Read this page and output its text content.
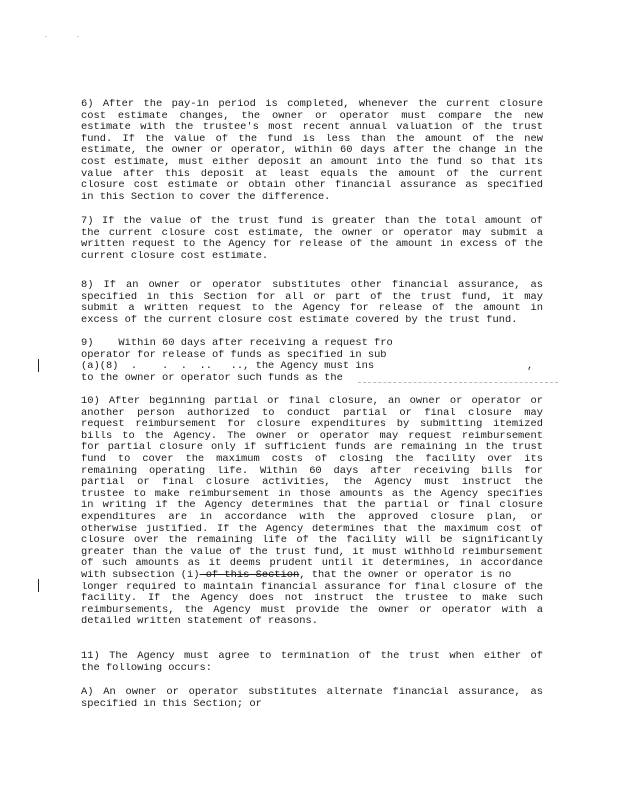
.	.
6) After the pay-in period is completed, whenever the current closure
cost estimate changes, the owner or operator must compare the new
estimate with the trustee's most recent annual valuation of the trust
fund. If the value of the fund is less than the amount of the new
estimate, the owner or operator, within 60 days after the change in the
cost estimate, must either deposit an amount into the fund so that its
value after this deposit at least equals the amount of the current
closure cost estimate or obtain other financial assurance as specified
in this Section to cover the difference.
7) If the value of the trust fund is greater than the total amount of
the current closure cost estimate, the owner or operator may submit a
written request to the Agency for release of the amount in excess of the
current closure cost estimate.
8) If an owner or operator substitutes other financial assurance, as
specified in this Section for all or part of the trust fund, it may
submit a written request to the Agency for release of the amount in
excess of the current closure cost estimate covered by the trust fund.
9)    Within 60 days after receiving a request fro
operator for release of funds as specified in sub
(a)(8)  .    .  .  ..   .., the Agency must ins
to the owner or operator such funds as the
,
10) After beginning partial or final closure, an owner or operator or
another person authorized to conduct partial or final closure may
request reimbursement for closure expenditures by submitting itemized
bills to the Agency. The owner or operator may request reimbursement
for partial closure only if sufficient funds are remaining in the trust
fund to cover the maximum costs of closing the facility over its
remaining operating life. Within 60 days after receiving bills for
partial or final closure activities, the Agency must instruct the
trustee to make reimbursement in those amounts as the Agency specifies
in writing if the Agency determines that the partial or final closure
expenditures are in accordance with the approved closure plan, or
otherwise justified. If the Agency determines that the maximum cost of
closure over the remaining life of the facility will be significantly
greater than the value of the trust fund, it must withhold reimbursement
of such amounts as it deems prudent until it determines, in accordance
with subsection (i) of this Section, that the owner or operator is no
longer required to maintain financial assurance for final closure of the
facility. If the Agency does not instruct the trustee to make such
reimbursements, the Agency must provide the owner or operator with a
detailed written statement of reasons.
11) The Agency must agree to termination of the trust when either of
the following occurs:
A) An owner or operator substitutes alternate financial assurance, as
specified in this Section; or
